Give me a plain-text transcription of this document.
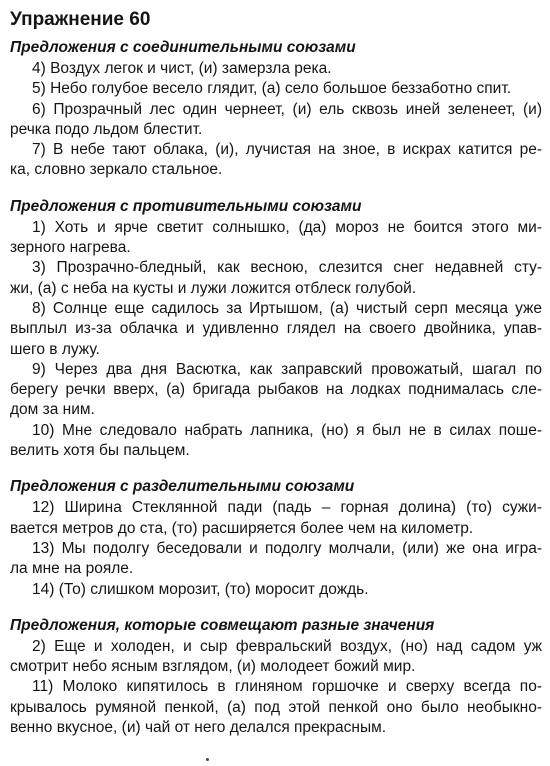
Упражнение 60
Предложения с соединительными союзами
4) Воздух легок и чист, (и) замерзла река.
5) Небо голубое весело глядит, (а) село большое беззаботно спит.
6) Прозрачный лес один чернеет, (и) ель сквозь иней зеленеет, (и)
речка подо льдом блестит.
7) В небе тают облака, (и), лучистая на зное, в искрах катится ре-
ка, словно зеркало стальное.
Предложения с противительными союзами
1) Хоть и ярче светит солнышко, (да) мороз не боится этого ми-
зерного нагрева.
3) Прозрачно-бледный, как весною, слезится снег недавней сту-
жи, (а) с неба на кусты и лужи ложится отблеск голубой.
8) Солнце еще садилось за Иртышом, (а) чистый серп месяца уже
выплыл из-за облачка и удивленно глядел на своего двойника, упав-
шего в лужу.
9) Через два дня Васютка, как заправский провожатый, шагал по
берегу речки вверх, (а) бригада рыбаков на лодках поднималась сле-
дом за ним.
10) Мне следовало набрать лапника, (но) я был не в силах поше-
велить хотя бы пальцем.
Предложения с разделительными союзами
12) Ширина Стеклянной пади (падь – горная долина) (то) сужи-
вается метров до ста, (то) расширяется более чем на километр.
13) Мы подолгу беседовали и подолгу молчали, (или) же она игра-
ла мне на рояле.
14) (То) слишком морозит, (то) моросит дождь.
Предложения, которые совмещают разные значения
2) Еще и холоден, и сыр февральский воздух, (но) над садом уж
смотрит небо ясным взглядом, (и) молодеет божий мир.
11) Молоко кипятилось в глиняном горшочке и сверху всегда по-
крывалось румяной пенкой, (а) под этой пенкой оно было необыкно-
венно вкусное, (и) чай от него делался прекрасным.
